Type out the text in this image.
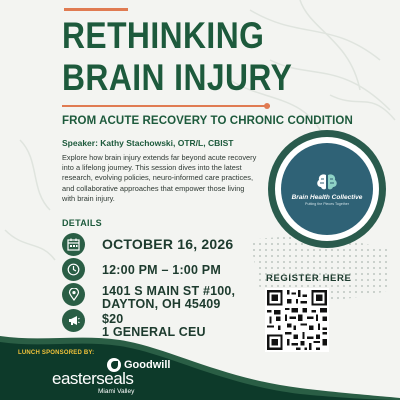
RETHINKING
BRAIN INJURY
FROM ACUTE RECOVERY TO CHRONIC CONDITION
Speaker: Kathy Stachowski, OTR/L, CBIST
Explore how brain injury extends far beyond acute recovery into a lifelong journey. This session dives into the latest research, evolving policies, neuro-informed care practices, and collaborative approaches that empower those living with brain injury.
DETAILS
OCTOBER 16, 2026
12:00 PM – 1:00 PM
1401 S MAIN ST #100,
DAYTON, OH 45409
$20
1 GENERAL CEU
Brain Health Collective
Putting the Pieces Together
REGISTER HERE
LUNCH SPONSORED BY:
Goodwill
easterseals
Miami Valley
